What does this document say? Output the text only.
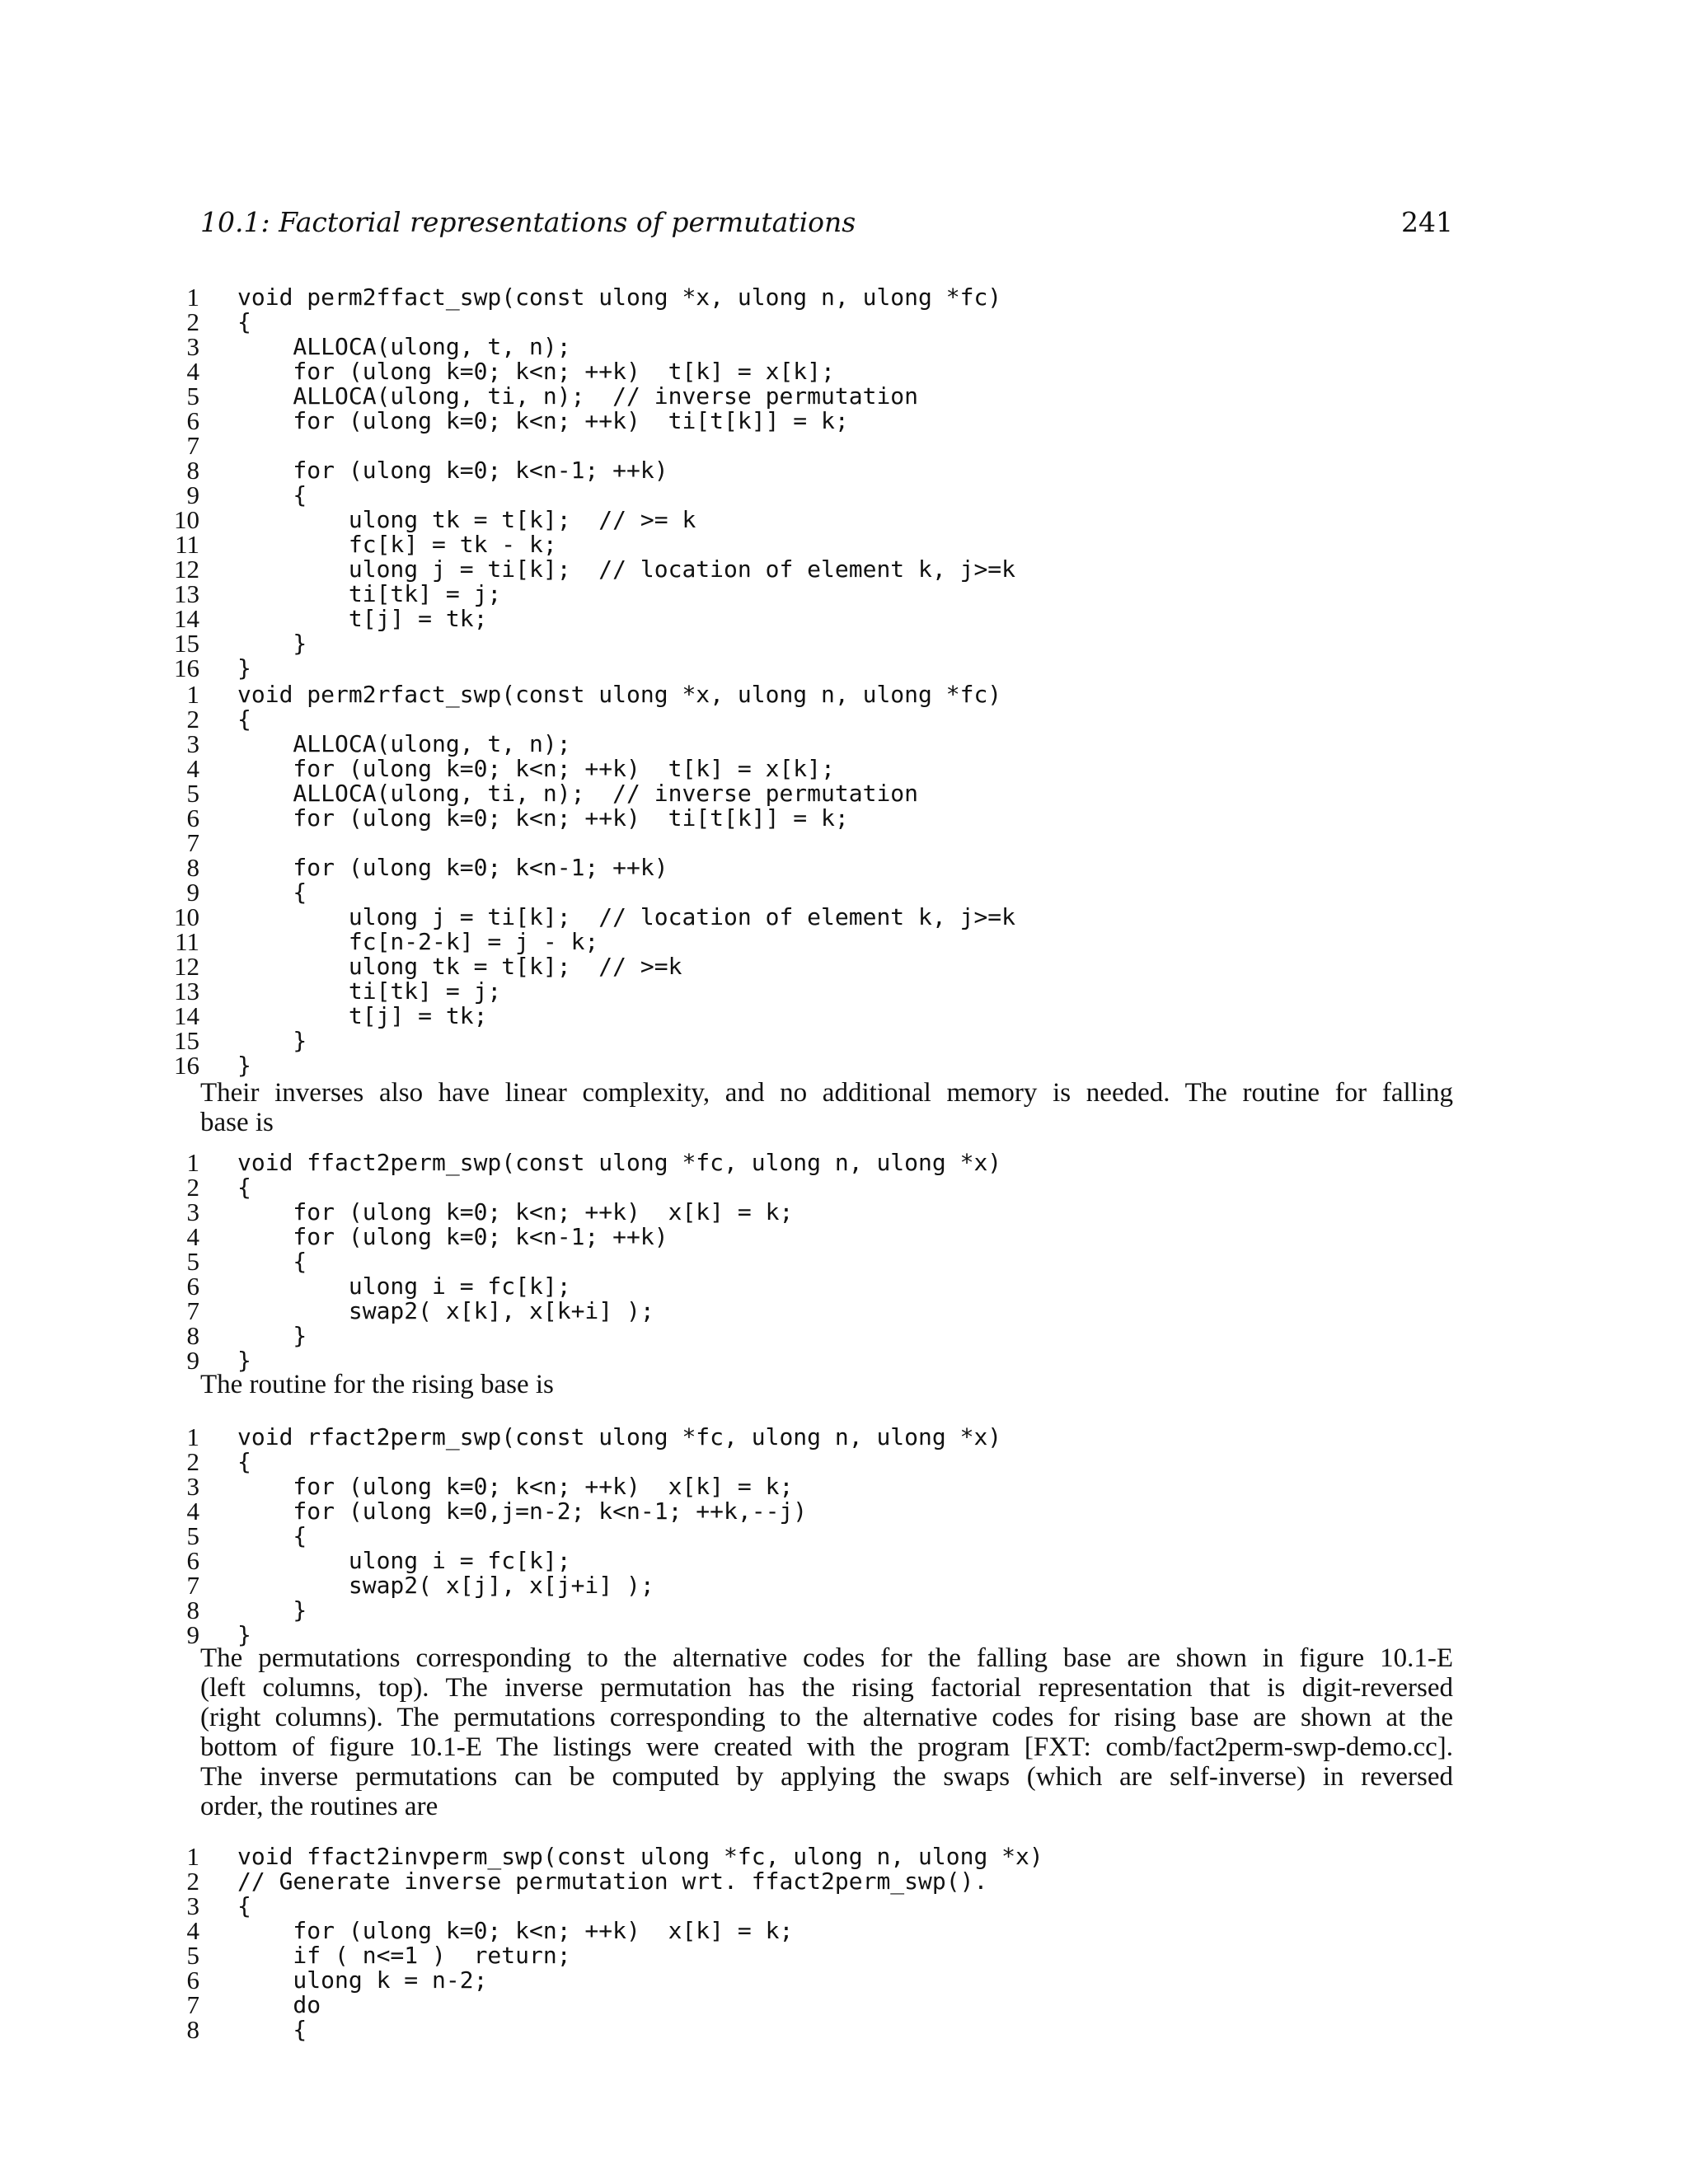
10.1: Factorial representations of permutations	241
1 void perm2ffact_swp(const ulong *x, ulong n, ulong *fc)
2 {
3 ALLOCA(ulong, t, n);
4 for (ulong k=0; k<n; ++k)  t[k] = x[k];
5 ALLOCA(ulong, ti, n);  // inverse permutation
6 for (ulong k=0; k<n; ++k)  ti[t[k]] = k;
7
8 for (ulong k=0; k<n-1; ++k)
9 {
10 ulong tk = t[k];  // >= k
11 fc[k] = tk - k;
12 ulong j = ti[k];  // location of element k, j>=k
13 ti[tk] = j;
14 t[j] = tk;
15 }
16 }
1 void perm2rfact_swp(const ulong *x, ulong n, ulong *fc)
2 {
3 ALLOCA(ulong, t, n);
4 for (ulong k=0; k<n; ++k)  t[k] = x[k];
5 ALLOCA(ulong, ti, n);  // inverse permutation
6 for (ulong k=0; k<n; ++k)  ti[t[k]] = k;
7
8 for (ulong k=0; k<n-1; ++k)
9 {
10 ulong j = ti[k];  // location of element k, j>=k
11 fc[n-2-k] = j - k;
12 ulong tk = t[k];  // >=k
13 ti[tk] = j;
14 t[j] = tk;
15 }
16 }
Their inverses also have linear complexity, and no additional memory is needed. The routine for falling
base is
1 void ffact2perm_swp(const ulong *fc, ulong n, ulong *x)
2 {
3 for (ulong k=0; k<n; ++k)  x[k] = k;
4 for (ulong k=0; k<n-1; ++k)
5 {
6 ulong i = fc[k];
7 swap2( x[k], x[k+i] );
8 }
9 }
The routine for the rising base is
1 void rfact2perm_swp(const ulong *fc, ulong n, ulong *x)
2 {
3 for (ulong k=0; k<n; ++k)  x[k] = k;
4 for (ulong k=0,j=n-2; k<n-1; ++k,--j)
5 {
6 ulong i = fc[k];
7 swap2( x[j], x[j+i] );
8 }
9 }
The permutations corresponding to the alternative codes for the falling base are shown in figure 10.1-E
(left columns, top). The inverse permutation has the rising factorial representation that is digit-reversed
(right columns). The permutations corresponding to the alternative codes for rising base are shown at the
bottom of figure 10.1-E The listings were created with the program [FXT: comb/fact2perm-swp-demo.cc].
The inverse permutations can be computed by applying the swaps (which are self-inverse) in reversed
order, the routines are
1 void ffact2invperm_swp(const ulong *fc, ulong n, ulong *x)
2 // Generate inverse permutation wrt. ffact2perm_swp().
3 {
4 for (ulong k=0; k<n; ++k)  x[k] = k;
5 if ( n<=1 )  return;
6 ulong k = n-2;
7 do
8 {
